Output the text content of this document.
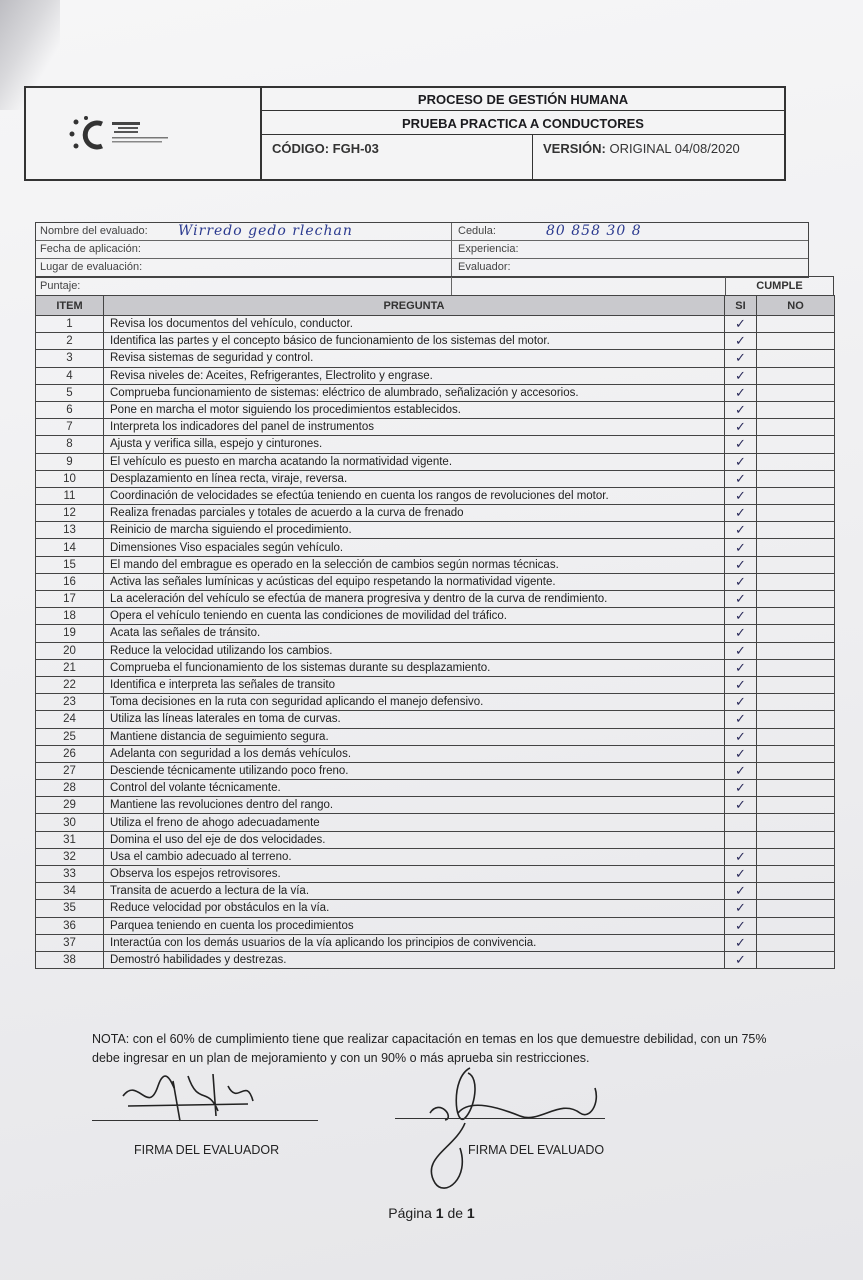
PROCESO DE GESTIÓN HUMANA
PRUEBA PRACTICA A CONDUCTORES
CÓDIGO: FGH-03	VERSIÓN: ORIGINAL 04/08/2020
Nombre del evaluado: Wirredo gedo rlechan	Cedula:	80 858 30 8
Fecha de aplicación:	Experiencia:
Lugar de evaluación:	Evaluador:
Puntaje:	CUMPLE
ITEM	PREGUNTA	SI	NO
1	Revisa los documentos del vehículo, conductor.	✓	
2	Identifica las partes y el concepto básico de funcionamiento de los sistemas del motor.	✓	
3	Revisa sistemas de seguridad y control.	✓	
4	Revisa niveles de: Aceites, Refrigerantes, Electrolito y engrase.	✓	
5	Comprueba funcionamiento de sistemas: eléctrico de alumbrado, señalización y accesorios.	✓	
6	Pone en marcha el motor siguiendo los procedimientos establecidos.	✓	
7	Interpreta los indicadores del panel de instrumentos	✓	
8	Ajusta y verifica silla, espejo y cinturones.	✓	
9	El vehículo es puesto en marcha acatando la normatividad vigente.	✓	
10	Desplazamiento en línea recta, viraje, reversa.	✓	
11	Coordinación de velocidades se efectúa teniendo en cuenta los rangos de revoluciones del motor.	✓	
12	Realiza frenadas parciales y totales de acuerdo a la curva de frenado	✓	
13	Reinicio de marcha siguiendo el procedimiento.	✓	
14	Dimensiones Viso espaciales según vehículo.	✓	
15	El mando del embrague es operado en la selección de cambios según normas técnicas.	✓	
16	Activa las señales lumínicas y acústicas del equipo respetando la normatividad vigente.	✓	
17	La aceleración del vehículo se efectúa de manera progresiva y dentro de la curva de rendimiento.	✓	
18	Opera el vehículo teniendo en cuenta las condiciones de movilidad del tráfico.	✓	
19	Acata las señales de tránsito.	✓	
20	Reduce la velocidad utilizando los cambios.	✓	
21	Comprueba el funcionamiento de los sistemas durante su desplazamiento.	✓	
22	Identifica e interpreta las señales de transito	✓	
23	Toma decisiones en la ruta con seguridad aplicando el manejo defensivo.	✓	
24	Utiliza las líneas laterales en toma de curvas.	✓	
25	Mantiene distancia de seguimiento segura.	✓	
26	Adelanta con seguridad a los demás vehículos.	✓	
27	Desciende técnicamente utilizando poco freno.	✓	
28	Control del volante técnicamente.	✓	
29	Mantiene las revoluciones dentro del rango.	✓	
30	Utiliza el freno de ahogo adecuadamente		
31	Domina el uso del eje de dos velocidades.		
32	Usa el cambio adecuado al terreno.	✓	
33	Observa los espejos retrovisores.	✓	
34	Transita de acuerdo a lectura de la vía.	✓	
35	Reduce velocidad por obstáculos en la vía.	✓	
36	Parquea teniendo en cuenta los procedimientos	✓	
37	Interactúa con los demás usuarios de la vía aplicando los principios de convivencia.	✓	
38	Demostró habilidades y destrezas.	✓	
NOTA: con el 60% de cumplimiento tiene que realizar capacitación en temas en los que demuestre debilidad, con un 75%
debe ingresar en un plan de mejoramiento y con un 90% o más aprueba sin restricciones.
FIRMA DEL EVALUADOR	FIRMA DEL EVALUADO
Página 1 de 1
